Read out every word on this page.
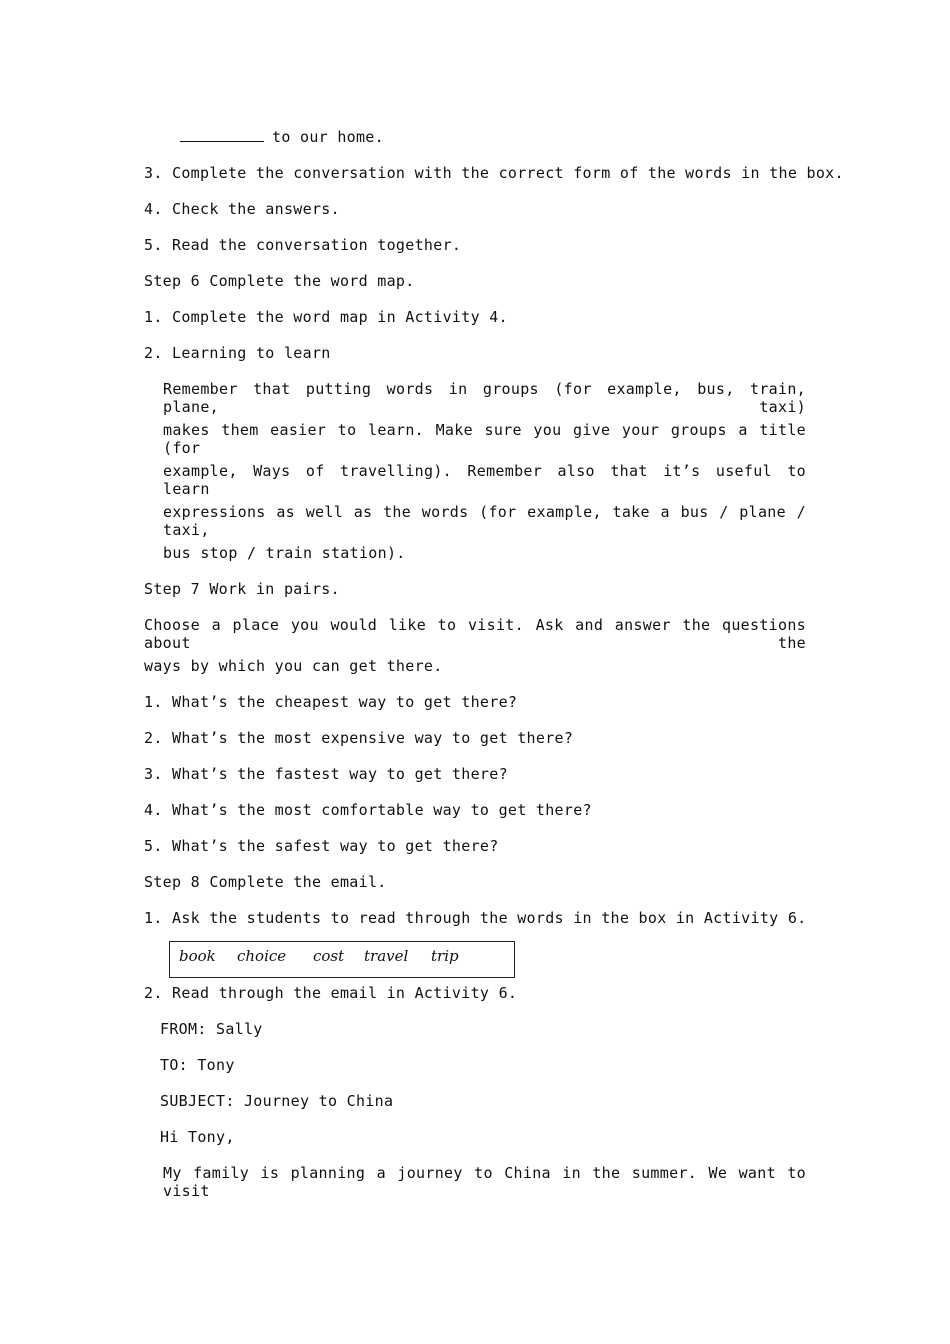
to our home.
3. Complete the conversation with the correct form of the words in the box.
4. Check the answers.
5. Read the conversation together.
Step 6 Complete the word map.
1. Complete the word map in Activity 4.
2. Learning to learn
Remember that putting words in groups (for example, bus, train, plane, taxi)
makes them easier to learn. Make sure you give your groups a title (for
example, Ways of travelling). Remember also that it’s useful to learn
expressions as well as the words (for example, take a bus / plane / taxi,
bus stop / train station).
Step 7 Work in pairs.
Choose a place you would like to visit. Ask and answer the questions about the
ways by which you can get there.
1. What’s the cheapest way to get there?
2. What’s the most expensive way to get there?
3. What’s the fastest way to get there?
4. What’s the most comfortable way to get there?
5. What’s the safest way to get there?
Step 8 Complete the email.
1. Ask the students to read through the words in the box in Activity 6.
book choice cost travel trip
2. Read through the email in Activity 6.
FROM: Sally
TO: Tony
SUBJECT: Journey to China
Hi Tony,
My family is planning a journey to China in the summer. We want to visit
